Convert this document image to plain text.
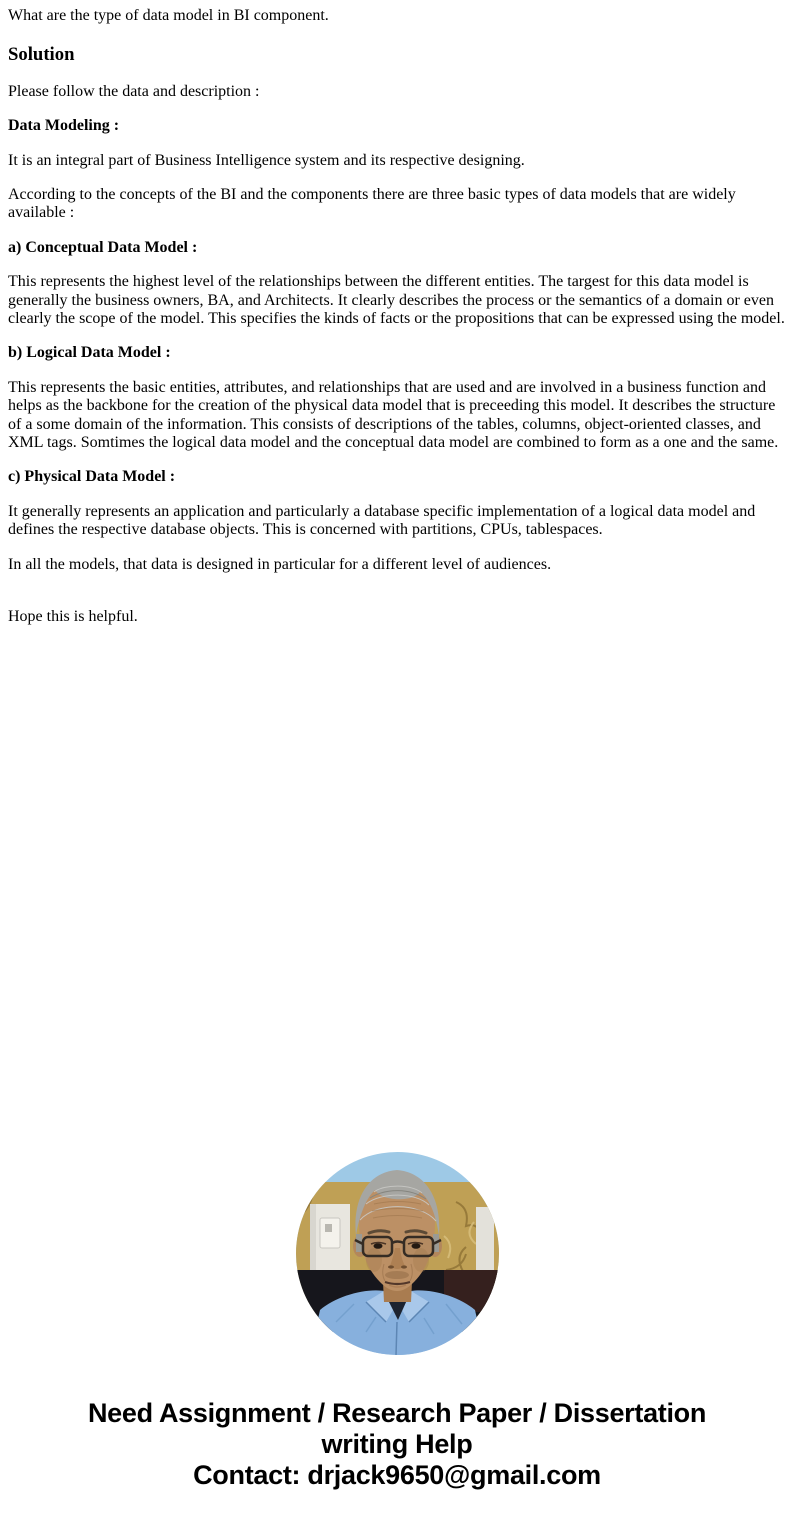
What are the type of data model in BI component.

Solution

Please follow the data and description :

Data Modeling :

It is an integral part of Business Intelligence system and its respective designing.

According to the concepts of the BI and the components there are three basic types of data models that are widely available :

a) Conceptual Data Model :

This represents the highest level of the relationships between the different entities. The targest for this data model is generally the business owners, BA, and Architects. It clearly describes the process or the semantics of a domain or even clearly the scope of the model. This specifies the kinds of facts or the propositions that can be expressed using the model.

b) Logical Data Model :

This represents the basic entities, attributes, and relationships that are used and are involved in a business function and helps as the backbone for the creation of the physical data model that is preceeding this model. It describes the structure of a some domain of the information. This consists of descriptions of the tables, columns, object-oriented classes, and XML tags. Somtimes the logical data model and the conceptual data model are combined to form as a one and the same.

c) Physical Data Model :

It generally represents an application and particularly a database specific implementation of a logical data model and defines the respective database objects. This is concerned with partitions, CPUs, tablespaces.

In all the models, that data is designed in particular for a different level of audiences.

Hope this is helpful.

Need Assignment / Research Paper / Dissertation
writing Help
Contact: drjack9650@gmail.com
